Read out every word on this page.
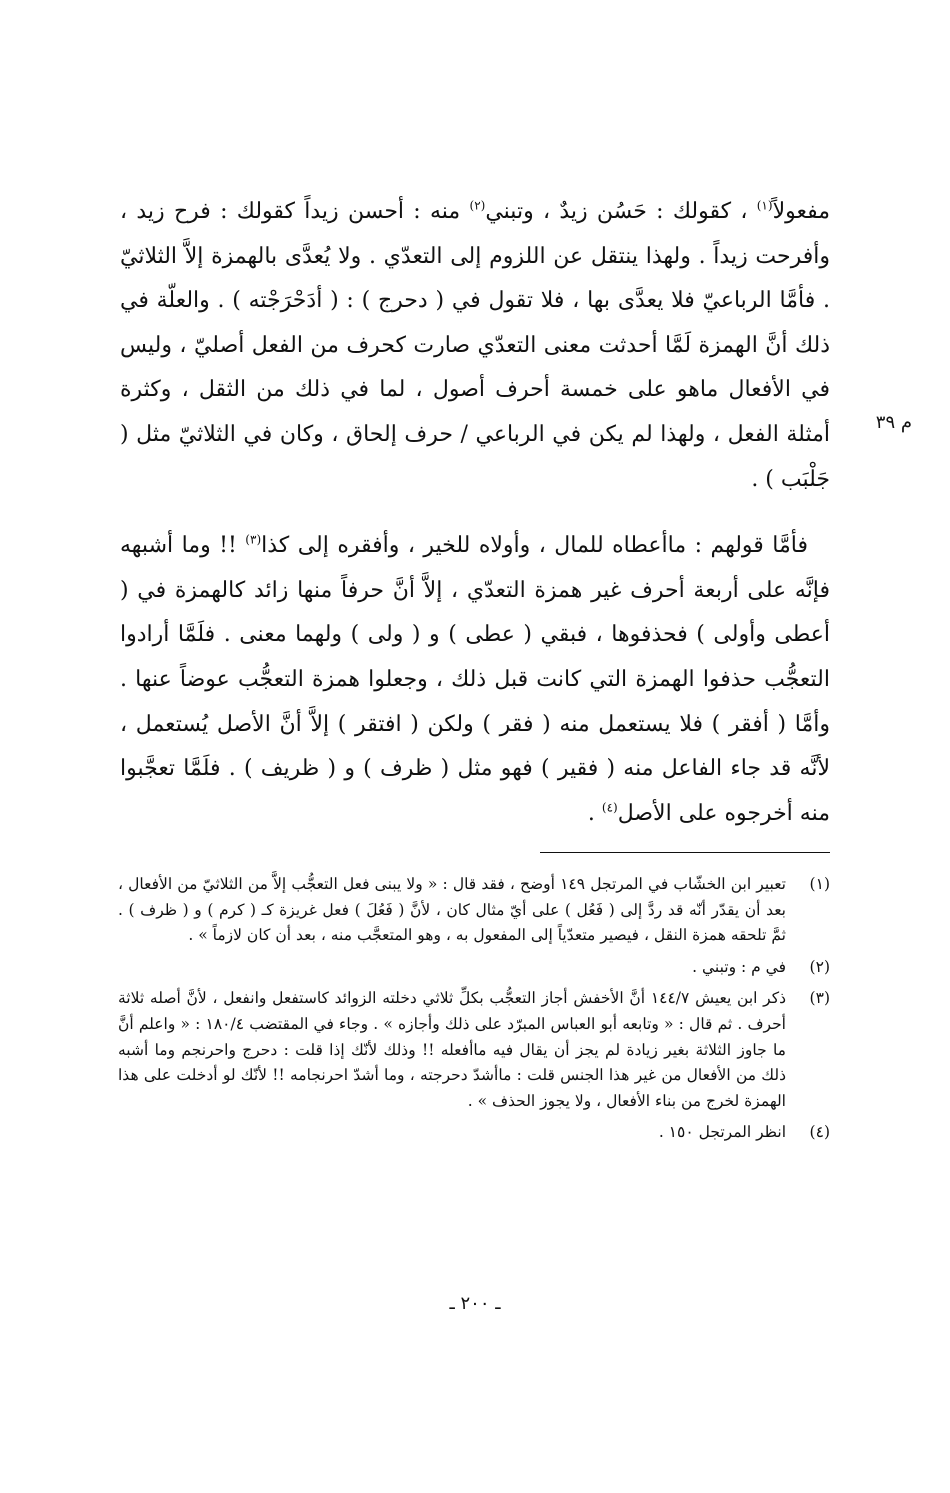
مفعولاً$^{(١)}$ ، كقولك : حَسُن زيدٌ ، وتبني$^{(٢)}$ منه : أحسن زيداً كقولك : فرح زيد ، وأفرحت زيداً . ولهذا ينتقل عن اللزوم إلى التعدّي . ولا يُعدَّى بالهمزة إلاَّ الثلاثيّ . فأمَّا الرباعيّ فلا يعدَّى بها ، فلا تقول في ( دحرج ) : ( أدَحْرَجْته ) . والعلّة في ذلك أنَّ الهمزة لَمَّا أحدثت معنى التعدّي صارت كحرف من الفعل أصليّ ، وليس في الأفعال ماهو على خمسة أحرف أصول ، لما في ذلك من الثقل ، وكثرة أمثلة الفعل ، ولهذا لم يكن في الرباعي / حرف إلحاق ، وكان في الثلاثيّ مثل ( جَلْبَب ) .

فأمَّا قولهم : ماأعطاه للمال ، وأولاه للخير ، وأفقره إلى كذا$^{(٣)}$ !! وما أشبهه فإنَّه على أربعة أحرف غير همزة التعدّي ، إلاَّ أنَّ حرفاً منها زائد كالهمزة في ( أعطى وأولى ) فحذفوها ، فبقي ( عطى ) و ( ولى ) ولهما معنى . فلَمَّا أرادوا التعجُّب حذفوا الهمزة التي كانت قبل ذلك ، وجعلوا همزة التعجُّب عوضاً عنها . وأمَّا ( أفقر ) فلا يستعمل منه ( فقر ) ولكن ( افتقر ) إلاَّ أنَّ الأصل يُستعمل ، لأنَّه قد جاء الفاعل منه ( فقير ) فهو مثل ( ظرف ) و ( ظريف ) . فلَمَّا تعجَّبوا منه أخرجوه على الأصل$^{(٤)}$ .

م ٣٩
(١)
تعبير ابن الخشّاب في المرتجل ١٤٩ أوضح ، فقد قال : « ولا يبنى فعل التعجُّب إلاَّ من الثلاثيّ من الأفعال ، بعد أن يقدّر أنّه قد ردَّ إلى ( فَعُل ) على أيّ مثال كان ، لأنَّ ( فَعُلَ ) فعل غريزة كـ ( كرم ) و ( ظرف ) . ثمَّ تلحقه همزة النقل ، فيصير متعدّياً إلى المفعول به ، وهو المتعجَّب منه ، بعد أن كان لازماً » .
(٢)
في م : وتبني .
(٣)
ذكر ابن يعيش ١٤٤/٧ أنَّ الأخفش أجاز التعجُّب بكلِّ ثلاثي دخلته الزوائد كاستفعل وانفعل ، لأنَّ أصله ثلاثة أحرف . ثم قال : « وتابعه أبو العباس المبرّد على ذلك وأجازه » . وجاء في المقتضب ١٨٠/٤ : « واعلم أنَّ ما جاوز الثلاثة بغير زيادة لم يجز أن يقال فيه ماأفعله !! وذلك لأنّك إذا قلت : دحرج واحرنجم وما أشبه ذلك من الأفعال من غير هذا الجنس قلت : ماأشدّ دحرجته ، وما أشدّ احرنجامه !! لأنّك لو أدخلت على هذا الهمزة لخرج من بناء الأفعال ، ولا يجوز الحذف » .
(٤)
انظر المرتجل ١٥٠ .
ـ ٢٠٠ ـ
